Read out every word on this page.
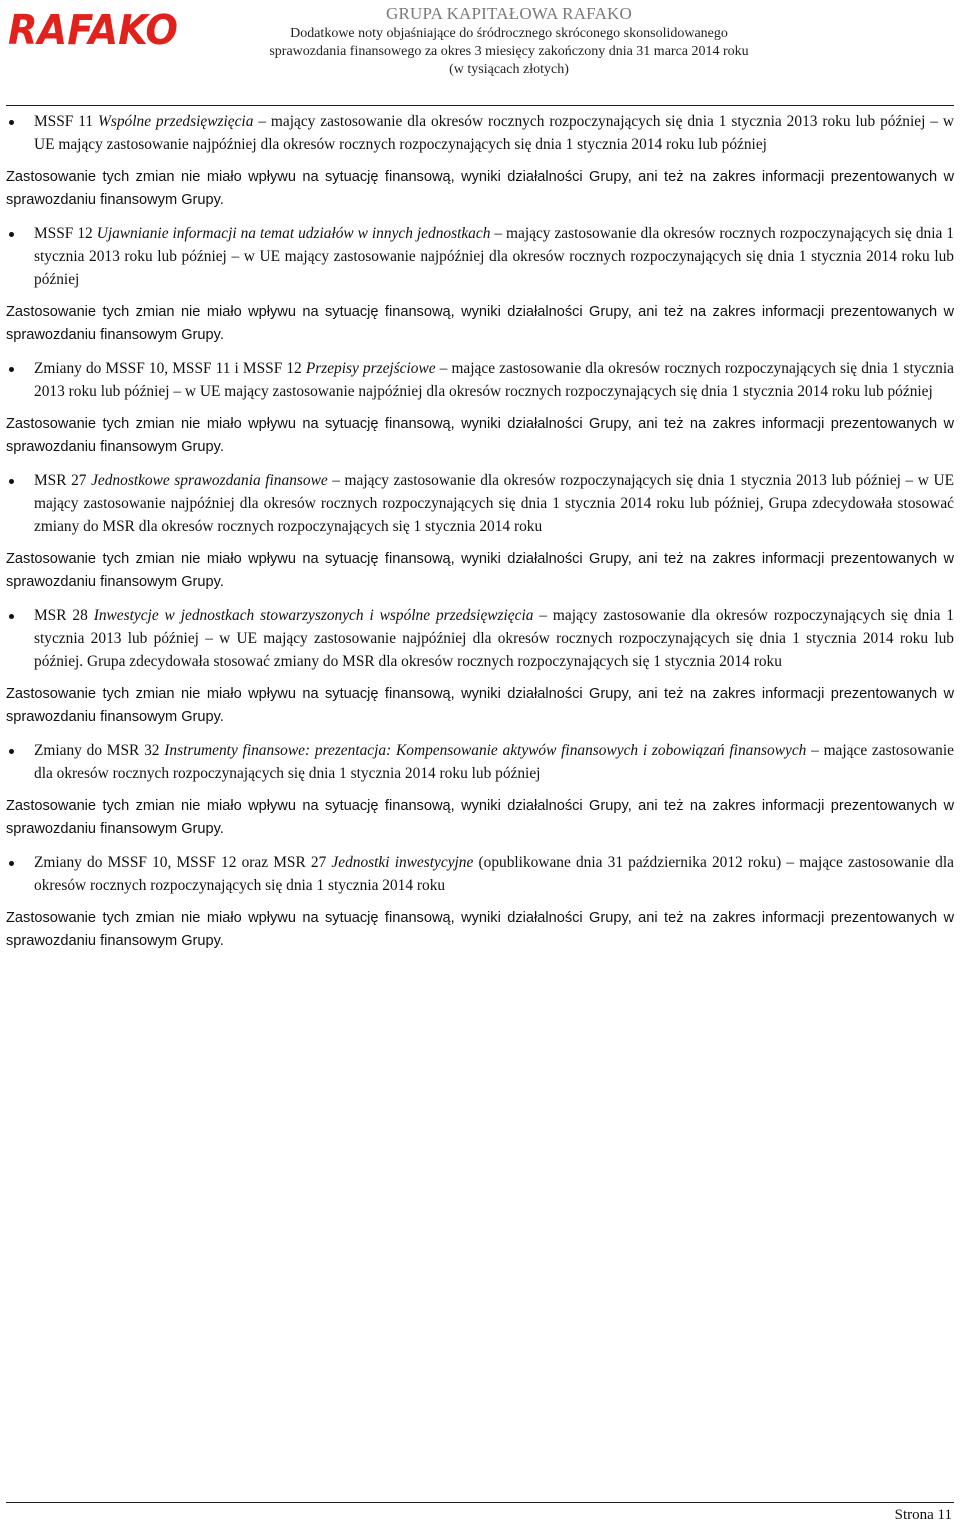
RAFAKO	GRUPA KAPITAŁOWA RAFAKO
Dodatkowe noty objaśniające do śródrocznego skróconego skonsolidowanego
sprawozdania finansowego za okres 3 miesięcy zakończony dnia 31 marca 2014 roku
(w tysiącach złotych)

MSSF 11 Wspólne przedsięwzięcia – mający zastosowanie dla okresów rocznych rozpoczynających się dnia 1 stycznia 2013 roku lub później – w UE mający zastosowanie najpóźniej dla okresów rocznych rozpoczynających się dnia 1 stycznia 2014 roku lub później

Zastosowanie tych zmian nie miało wpływu na sytuację finansową, wyniki działalności Grupy, ani też na zakres informacji prezentowanych w sprawozdaniu finansowym Grupy.

MSSF 12 Ujawnianie informacji na temat udziałów w innych jednostkach – mający zastosowanie dla okresów rocznych rozpoczynających się dnia 1 stycznia 2013 roku lub później – w UE mający zastosowanie najpóźniej dla okresów rocznych rozpoczynających się dnia 1 stycznia 2014 roku lub później

Zastosowanie tych zmian nie miało wpływu na sytuację finansową, wyniki działalności Grupy, ani też na zakres informacji prezentowanych w sprawozdaniu finansowym Grupy.

Zmiany do MSSF 10, MSSF 11 i MSSF 12 Przepisy przejściowe – mające zastosowanie dla okresów rocznych rozpoczynających się dnia 1 stycznia 2013 roku lub później – w UE mający zastosowanie najpóźniej dla okresów rocznych rozpoczynających się dnia 1 stycznia 2014 roku lub później

Zastosowanie tych zmian nie miało wpływu na sytuację finansową, wyniki działalności Grupy, ani też na zakres informacji prezentowanych w sprawozdaniu finansowym Grupy.

MSR 27 Jednostkowe sprawozdania finansowe – mający zastosowanie dla okresów rozpoczynających się dnia 1 stycznia 2013 lub później – w UE mający zastosowanie najpóźniej dla okresów rocznych rozpoczynających się dnia 1 stycznia 2014 roku lub później, Grupa zdecydowała stosować zmiany do MSR dla okresów rocznych rozpoczynających się 1 stycznia 2014 roku

Zastosowanie tych zmian nie miało wpływu na sytuację finansową, wyniki działalności Grupy, ani też na zakres informacji prezentowanych w sprawozdaniu finansowym Grupy.

MSR 28 Inwestycje w jednostkach stowarzyszonych i wspólne przedsięwzięcia – mający zastosowanie dla okresów rozpoczynających się dnia 1 stycznia 2013 lub później – w UE mający zastosowanie najpóźniej dla okresów rocznych rozpoczynających się dnia 1 stycznia 2014 roku lub później. Grupa zdecydowała stosować zmiany do MSR dla okresów rocznych rozpoczynających się 1 stycznia 2014 roku

Zastosowanie tych zmian nie miało wpływu na sytuację finansową, wyniki działalności Grupy, ani też na zakres informacji prezentowanych w sprawozdaniu finansowym Grupy.

Zmiany do MSR 32 Instrumenty finansowe: prezentacja: Kompensowanie aktywów finansowych i zobowiązań finansowych – mające zastosowanie dla okresów rocznych rozpoczynających się dnia 1 stycznia 2014 roku lub później

Zastosowanie tych zmian nie miało wpływu na sytuację finansową, wyniki działalności Grupy, ani też na zakres informacji prezentowanych w sprawozdaniu finansowym Grupy.

Zmiany do MSSF 10, MSSF 12 oraz MSR 27 Jednostki inwestycyjne (opublikowane dnia 31 października 2012 roku) – mające zastosowanie dla okresów rocznych rozpoczynających się dnia 1 stycznia 2014 roku

Zastosowanie tych zmian nie miało wpływu na sytuację finansową, wyniki działalności Grupy, ani też na zakres informacji prezentowanych w sprawozdaniu finansowym Grupy.

Strona 11
